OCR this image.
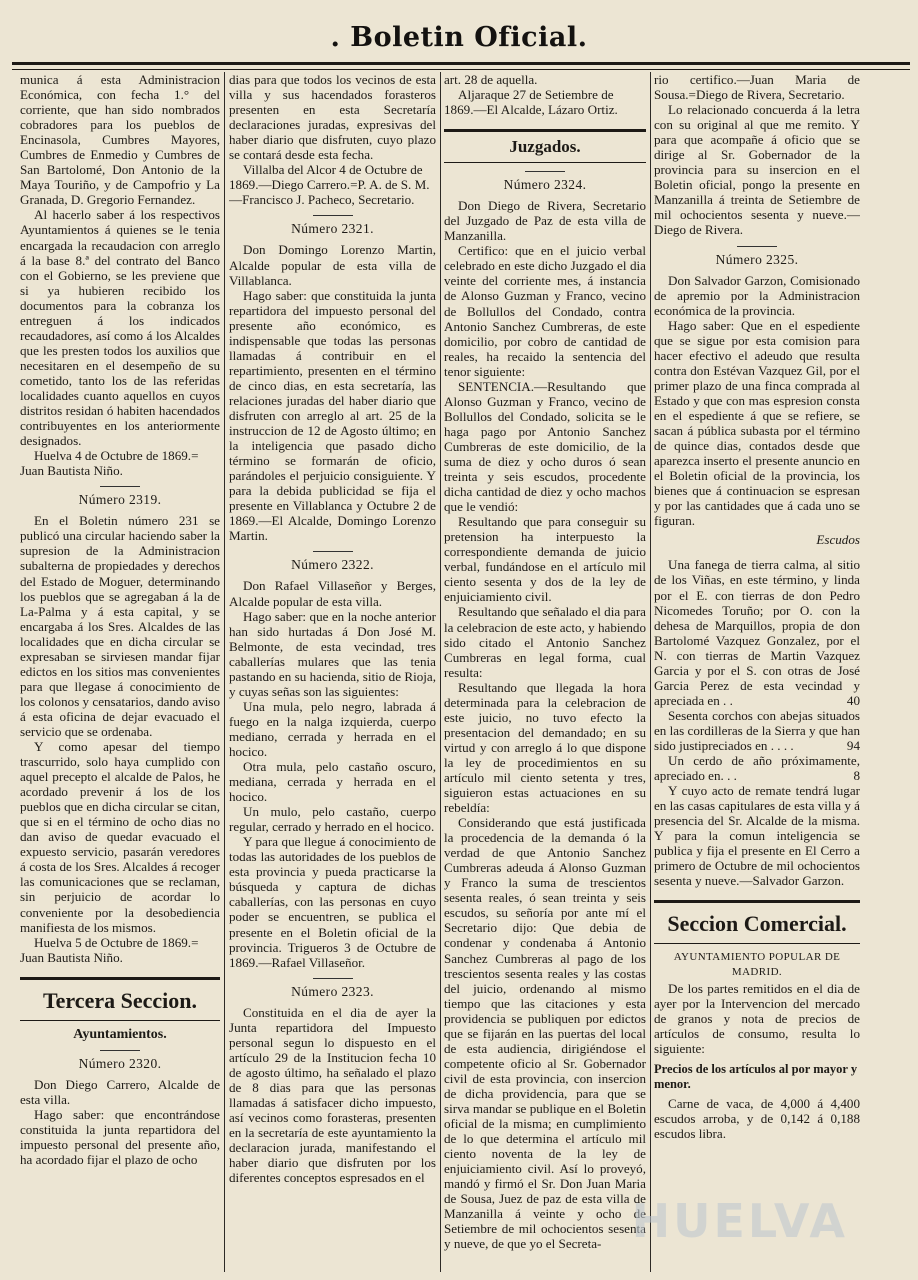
. Boletin Oficial.

munica á esta Administracion Económica, con fecha 1.° del corriente, que han sido nombrados cobradores para los pueblos de Encinasola, Cumbres Mayores, Cumbres de Enmedio y Cumbres de San Bartolomé, Don Antonio de la Maya Touriño, y de Campofrio y La Granada, D. Gregorio Fernandez.

Al hacerlo saber á los respectivos Ayuntamientos á quienes se le tenia encargada la recaudacion con arreglo á la base 8.ª del contrato del Banco con el Gobierno, se les previene que si ya hubieren recibido los documentos para la cobranza los entreguen á los indicados recaudadores, así como á los Alcaldes que les presten todos los auxilios que necesitaren en el desempeño de su cometido, tanto los de las referidas localidades cuanto aquellos en cuyos distritos residan ó habiten hacendados contribuyentes en los anteriormente designados.

Huelva 4 de Octubre de 1869.= Juan Bautista Niño.

Número 2319.

En el Boletin número 231 se publicó una circular haciendo saber la supresion de la Administracion subalterna de propiedades y derechos del Estado de Moguer, determinando los pueblos que se agregaban á la de La-Palma y á esta capital, y se encargaba á los Sres. Alcaldes de las localidades que en dicha circular se expresaban se sirviesen mandar fijar edictos en los sitios mas convenientes para que llegase á conocimiento de los colonos y censatarios, dando aviso á esta oficina de dejar evacuado el servicio que se ordenaba.

Y como apesar del tiempo trascurrido, solo haya cumplido con aquel precepto el alcalde de Palos, he acordado prevenir á los de los pueblos que en dicha circular se citan, que si en el término de ocho dias no dan aviso de quedar evacuado el expuesto servicio, pasarán veredores á costa de los Sres. Alcaldes á recoger las comunicaciones que se reclaman, sin perjuicio de acordar lo conveniente por la desobediencia manifiesta de los mismos.

Huelva 5 de Octubre de 1869.= Juan Bautista Niño.

Tercera Seccion.
Ayuntamientos.
Número 2320.

Don Diego Carrero, Alcalde de esta villa.

Hago saber: que encontrándose constituida la junta repartidora del impuesto personal del presente año, ha acordado fijar el plazo de ocho

dias para que todos los vecinos de esta villa y sus hacendados forasteros presenten en esta Secretaría declaraciones juradas, expresivas del haber diario que disfruten, cuyo plazo se contará desde esta fecha.

Villalba del Alcor 4 de Octubre de 1869.—Diego Carrero.=P. A. de S. M.—Francisco J. Pacheco, Secretario.

Número 2321.

Don Domingo Lorenzo Martin, Alcalde popular de esta villa de Villablanca.

Hago saber: que constituida la junta repartidora del impuesto personal del presente año económico, es indispensable que todas las personas llamadas á contribuir en el repartimiento, presenten en el término de cinco dias, en esta secretaría, las relaciones juradas del haber diario que disfruten con arreglo al art. 25 de la instruccion de 12 de Agosto último; en la inteligencia que pasado dicho término se formarán de oficio, parándoles el perjuicio consiguiente. Y para la debida publicidad se fija el presente en Villablanca y Octubre 2 de 1869.—El Alcalde, Domingo Lorenzo Martin.

Número 2322.

Don Rafael Villaseñor y Berges, Alcalde popular de esta villa.

Hago saber: que en la noche anterior han sido hurtadas á Don José M. Belmonte, de esta vecindad, tres caballerías mulares que las tenia pastando en su hacienda, sitio de Rioja, y cuyas señas son las siguientes:

Una mula, pelo negro, labrada á fuego en la nalga izquierda, cuerpo mediano, cerrada y herrada en el hocico.

Otra mula, pelo castaño oscuro, mediana, cerrada y herrada en el hocico.

Un mulo, pelo castaño, cuerpo regular, cerrado y herrado en el hocico.

Y para que llegue á conocimiento de todas las autoridades de los pueblos de esta provincia y pueda practicarse la búsqueda y captura de dichas caballerías, con las personas en cuyo poder se encuentren, se publica el presente en el Boletin oficial de la provincia. Trigueros 3 de Octubre de 1869.—Rafael Villaseñor.

Número 2323.

Constituida en el dia de ayer la Junta repartidora del Impuesto personal segun lo dispuesto en el artículo 29 de la Institucion fecha 10 de agosto último, ha señalado el plazo de 8 dias para que las personas llamadas á satisfacer dicho impuesto, así vecinos como forasteras, presenten en la secretaría de este ayuntamiento la declaracion jurada, manifestando el haber diario que disfruten por los diferentes conceptos espresados en el

art. 28 de aquella.

Aljaraque 27 de Setiembre de 1869.—El Alcalde, Lázaro Ortiz.

Juzgados.
Número 2324.

Don Diego de Rivera, Secretario del Juzgado de Paz de esta villa de Manzanilla.

Certifico: que en el juicio verbal celebrado en este dicho Juzgado el dia veinte del corriente mes, á instancia de Alonso Guzman y Franco, vecino de Bollullos del Condado, contra Antonio Sanchez Cumbreras, de este domicilio, por cobro de cantidad de reales, ha recaido la sentencia del tenor siguiente:

SENTENCIA.—Resultando que Alonso Guzman y Franco, vecino de Bollullos del Condado, solicita se le haga pago por Antonio Sanchez Cumbreras de este domicilio, de la suma de diez y ocho duros ó sean treinta y seis escudos, procedente dicha cantidad de diez y ocho machos que le vendió:

Resultando que para conseguir su pretension ha interpuesto la correspondiente demanda de juicio verbal, fundándose en el artículo mil ciento sesenta y dos de la ley de enjuiciamiento civil.

Resultando que señalado el dia para la celebracion de este acto, y habiendo sido citado el Antonio Sanchez Cumbreras en legal forma, cual resulta:

Resultando que llegada la hora determinada para la celebracion de este juicio, no tuvo efecto la presentacion del demandado; en su virtud y con arreglo á lo que dispone la ley de procedimientos en su artículo mil ciento setenta y tres, siguieron estas actuaciones en su rebeldía:

Considerando que está justificada la procedencia de la demanda ó la verdad de que Antonio Sanchez Cumbreras adeuda á Alonso Guzman y Franco la suma de trescientos sesenta reales, ó sean treinta y seis escudos, su señoría por ante mí el Secretario dijo: Que debia de condenar y condenaba á Antonio Sanchez Cumbreras al pago de los trescientos sesenta reales y las costas del juicio, ordenando al mismo tiempo que las citaciones y esta providencia se publiquen por edictos que se fijarán en las puertas del local de esta audiencia, dirigiéndose el competente oficio al Sr. Gobernador civil de esta provincia, con insercion de dicha providencia, para que se sirva mandar se publique en el Boletin oficial de la misma; en cumplimiento de lo que determina el artículo mil ciento noventa de la ley de enjuiciamiento civil. Así lo proveyó, mandó y firmó el Sr. Don Juan Maria de Sousa, Juez de paz de esta villa de Manzanilla á veinte y ocho de Setiembre de mil ochocientos sesenta y nueve, de que yo el Secreta-

rio certifico.—Juan Maria de Sousa.=Diego de Rivera, Secretario.

Lo relacionado concuerda á la letra con su original al que me remito. Y para que acompañe á oficio que se dirige al Sr. Gobernador de la provincia para su insercion en el Boletin oficial, pongo la presente en Manzanilla á treinta de Setiembre de mil ochocientos sesenta y nueve.—Diego de Rivera.

Número 2325.

Don Salvador Garzon, Comisionado de apremio por la Administracion económica de la provincia.

Hago saber: Que en el espediente que se sigue por esta comision para hacer efectivo el adeudo que resulta contra don Estévan Vazquez Gil, por el primer plazo de una finca comprada al Estado y que con mas espresion consta en el espediente á que se refiere, se sacan á pública subasta por el término de quince dias, contados desde que aparezca inserto el presente anuncio en el Boletin oficial de la provincia, los bienes que á continuacion se espresan y por las cantidades que á cada uno se figuran.

Escudos

Una fanega de tierra calma, al sitio de los Viñas, en este término, y linda por el E. con tierras de don Pedro Nicomedes Toruño; por O. con la dehesa de Marquillos, propia de don Bartolomé Vazquez Gonzalez, por el N. con tierras de Martin Vazquez Garcia y por el S. con otras de José Garcia Perez de esta vecindad y apreciada en . .	40

Sesenta corchos con abejas situados en las cordilleras de la Sierra y que han sido justipreciados en . . . .	94

Un cerdo de año próximamente, apreciado en. . .	8

Y cuyo acto de remate tendrá lugar en las casas capitulares de esta villa y á presencia del Sr. Alcalde de la misma. Y para la comun inteligencia se publica y fija el presente en El Cerro a primero de Octubre de mil ochocientos sesenta y nueve.—Salvador Garzon.

Seccion Comercial.
AYUNTAMIENTO POPULAR DE MADRID.

De los partes remitidos en el dia de ayer por la Intervencion del mercado de granos y nota de precios de artículos de consumo, resulta lo siguiente:

Precios de los artículos al por mayor y menor.

Carne de vaca, de 4,000 á 4,400 escudos arroba, y de 0,142 á 0,188 escudos libra.

HUELVA
